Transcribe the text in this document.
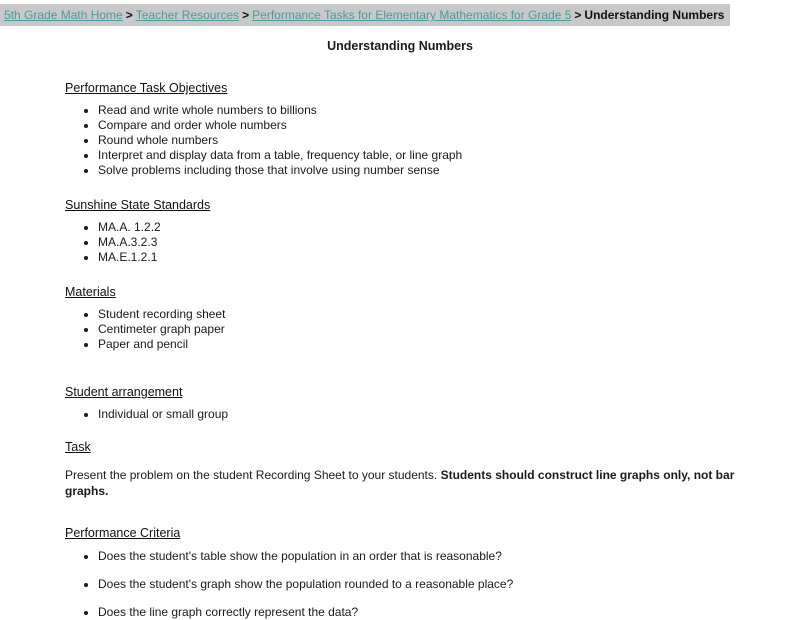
5th Grade Math Home > Teacher Resources > Performance Tasks for Elementary Mathematics for Grade 5 > Understanding Numbers
Understanding Numbers
Performance Task Objectives
• Read and write whole numbers to billions
• Compare and order whole numbers
• Round whole numbers
• Interpret and display data from a table, frequency table, or line graph
• Solve problems including those that involve using number sense
Sunshine State Standards
• MA.A. 1.2.2
• MA.A.3.2.3
• MA.E.1.2.1
Materials
• Student recording sheet
• Centimeter graph paper
• Paper and pencil
Student arrangement
• Individual or small group
Task

Present the problem on the student Recording Sheet to your students. Students should construct line graphs only, not bar graphs.

Performance Criteria
• Does the student's table show the population in an order that is reasonable?
• Does the student's graph show the population rounded to a reasonable place?
• Does the line graph correctly represent the data?
